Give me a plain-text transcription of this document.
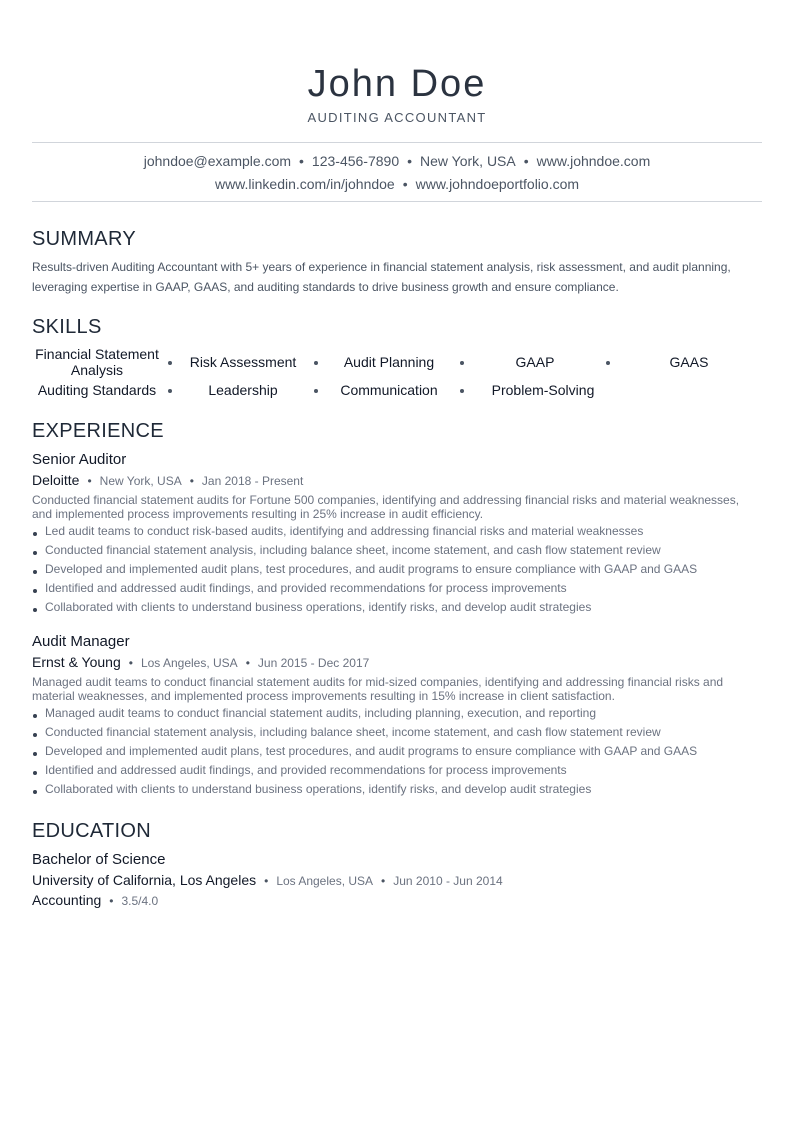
John Doe
AUDITING ACCOUNTANT
johndoe@example.com • 123-456-7890 • New York, USA • www.johndoe.com
www.linkedin.com/in/johndoe • www.johndoeportfolio.com
SUMMARY
Results-driven Auditing Accountant with 5+ years of experience in financial statement analysis, risk assessment, and audit planning, leveraging expertise in GAAP, GAAS, and auditing standards to drive business growth and ensure compliance.
SKILLS
Financial Statement Analysis	Risk Assessment	Audit Planning	GAAP	GAAS
Auditing Standards	Leadership	Communication	Problem-Solving
EXPERIENCE
Senior Auditor
Deloitte • New York, USA • Jan 2018 - Present
Conducted financial statement audits for Fortune 500 companies, identifying and addressing financial risks and material weaknesses, and implemented process improvements resulting in 25% increase in audit efficiency.
Led audit teams to conduct risk-based audits, identifying and addressing financial risks and material weaknesses
Conducted financial statement analysis, including balance sheet, income statement, and cash flow statement review
Developed and implemented audit plans, test procedures, and audit programs to ensure compliance with GAAP and GAAS
Identified and addressed audit findings, and provided recommendations for process improvements
Collaborated with clients to understand business operations, identify risks, and develop audit strategies
Audit Manager
Ernst & Young • Los Angeles, USA • Jun 2015 - Dec 2017
Managed audit teams to conduct financial statement audits for mid-sized companies, identifying and addressing financial risks and material weaknesses, and implemented process improvements resulting in 15% increase in client satisfaction.
Managed audit teams to conduct financial statement audits, including planning, execution, and reporting
Conducted financial statement analysis, including balance sheet, income statement, and cash flow statement review
Developed and implemented audit plans, test procedures, and audit programs to ensure compliance with GAAP and GAAS
Identified and addressed audit findings, and provided recommendations for process improvements
Collaborated with clients to understand business operations, identify risks, and develop audit strategies
EDUCATION
Bachelor of Science
University of California, Los Angeles • Los Angeles, USA • Jun 2010 - Jun 2014
Accounting • 3.5/4.0
